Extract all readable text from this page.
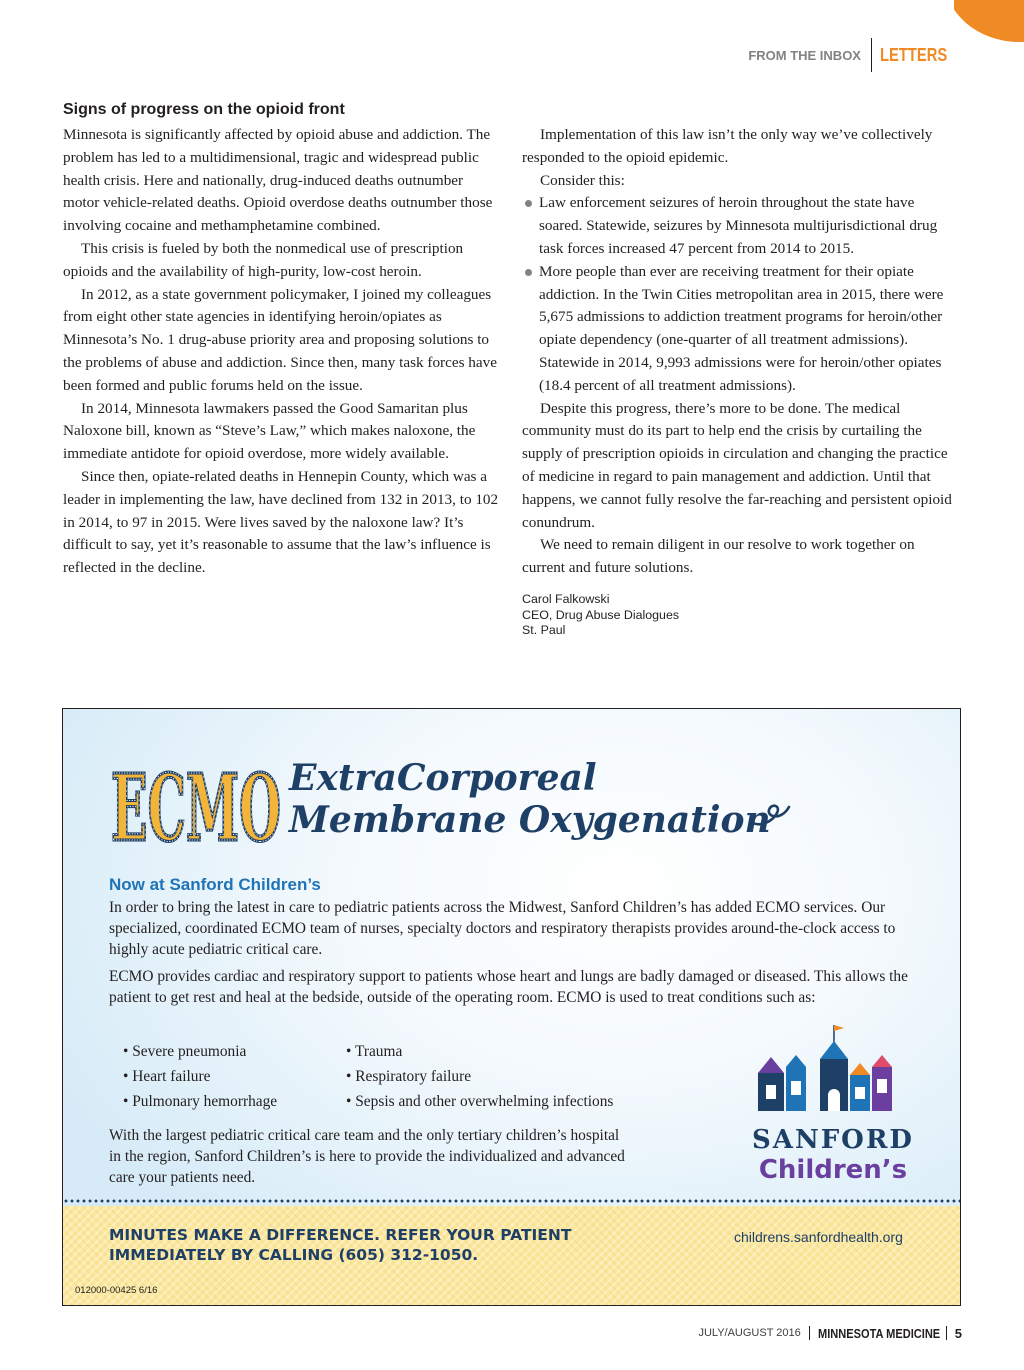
FROM THE INBOX LETTERS
Signs of progress on the opioid front

Minnesota is significantly affected by opioid abuse and addiction. The problem has led to a multidimensional, tragic and widespread public health crisis. Here and nationally, drug-induced deaths outnumber motor vehicle-related deaths. Opioid overdose deaths outnumber those involving cocaine and methamphetamine combined.

This crisis is fueled by both the nonmedical use of prescription opioids and the availability of high-purity, low-cost heroin.

In 2012, as a state government policymaker, I joined my colleagues from eight other state agencies in identifying heroin/opiates as Minnesota’s No. 1 drug-abuse priority area and proposing solutions to the problems of abuse and addiction. Since then, many task forces have been formed and public forums held on the issue.

In 2014, Minnesota lawmakers passed the Good Samaritan plus Naloxone bill, known as “Steve’s Law,” which makes naloxone, the immediate antidote for opioid overdose, more widely available.

Since then, opiate-related deaths in Hennepin County, which was a leader in implementing the law, have declined from 132 in 2013, to 102 in 2014, to 97 in 2015. Were lives saved by the naloxone law? It’s difficult to say, yet it’s reasonable to assume that the law’s influence is reflected in the decline.

Implementation of this law isn’t the only way we’ve collectively responded to the opioid epidemic.

Consider this:

Law enforcement seizures of heroin throughout the state have soared. Statewide, seizures by Minnesota multijurisdictional drug task forces increased 47 percent from 2014 to 2015.
More people than ever are receiving treatment for their opiate addiction. In the Twin Cities metropolitan area in 2015, there were 5,675 admissions to addiction treatment programs for heroin/other opiate dependency (one-quarter of all treatment admissions). Statewide in 2014, 9,993 admissions were for heroin/other opiates (18.4 percent of all treatment admissions).

Despite this progress, there’s more to be done. The medical community must do its part to help end the crisis by curtailing the supply of prescription opioids in circulation and changing the practice of medicine in regard to pain management and addiction. Until that happens, we cannot fully resolve the far-reaching and persistent opioid conundrum.

We need to remain diligent in our resolve to work together on current and future solutions.

Carol Falkowski
CEO, Drug Abuse Dialogues
St. Paul
ECMO
ECMO ExtraCorporeal
Membrane Oxygenation
Now at Sanford Children’s

In order to bring the latest in care to pediatric patients across the Midwest, Sanford Children’s has added ECMO services. Our specialized, coordinated ECMO team of nurses, specialty doctors and respiratory therapists provides around-the-clock access to highly acute pediatric critical care.

ECMO provides cardiac and respiratory support to patients whose heart and lungs are badly damaged or diseased. This allows the patient to get rest and heal at the bedside, outside of the operating room. ECMO is used to treat conditions such as:

• Severe pneumonia
• Heart failure
• Pulmonary hemorrhage
• Trauma
• Respiratory failure
• Sepsis and other overwhelming infections

With the largest pediatric critical care team and the only tertiary children’s hospital in the region, Sanford Children’s is here to provide the individualized and advanced care your patients need.

SANFORD
Children’s
MINUTES MAKE A DIFFERENCE. REFER YOUR PATIENT
IMMEDIATELY BY CALLING (605) 312-1050.
childrens.sanfordhealth.org
012000-00425 6/16
JULY/AUGUST 2016 MINNESOTA MEDICINE 5
